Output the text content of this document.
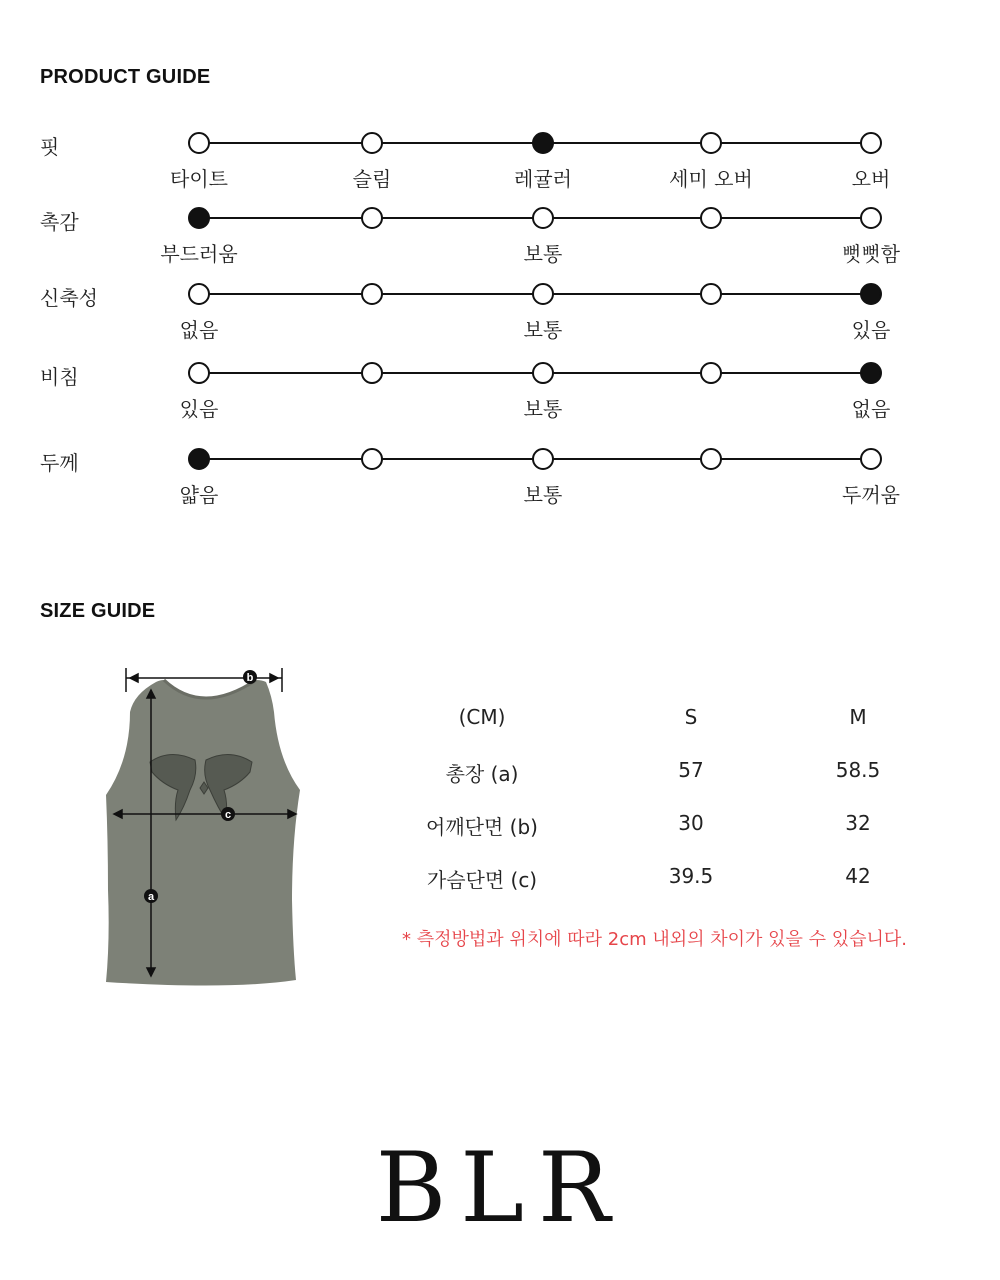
PRODUCT GUIDE
핏
타이트	슬림	레귤러	세미 오버	오버
촉감
부드러움	보통	뻣뻣함
신축성
없음	보통	있음
비침
있음	보통	없음
두께
얇음	보통	두꺼움
SIZE GUIDE
b
c
a
(CM)	S	M
총장 (a)	57	58.5
어깨단면 (b)	30	32
가슴단면 (c)	39.5	42
* 측정방법과 위치에 따라 2cm 내외의 차이가 있을 수 있습니다.
BLR
